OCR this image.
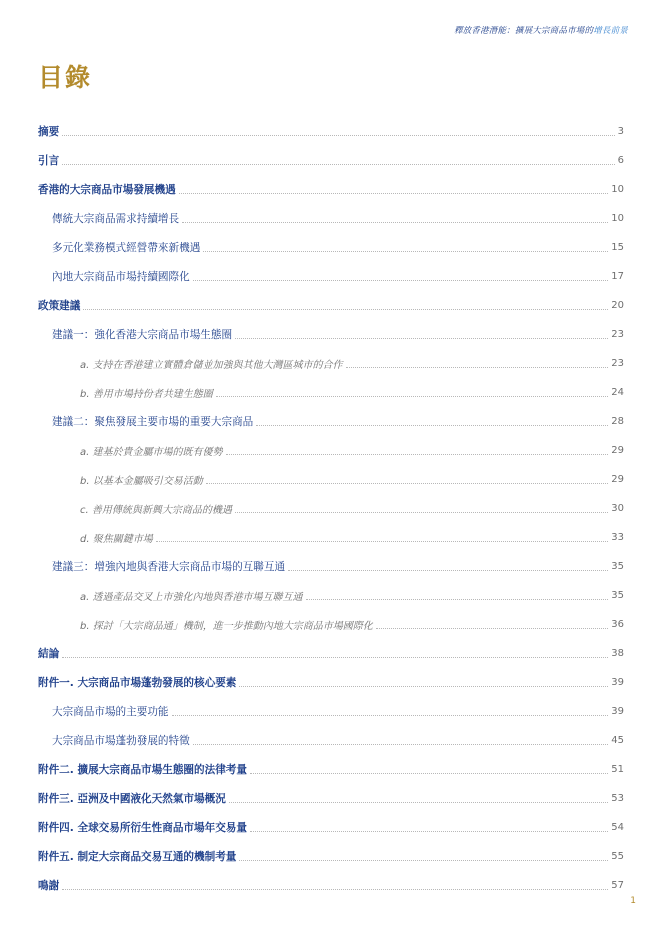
釋放香港潛能：擴展大宗商品市場的增長前景
目錄
摘要	3
引言	6
香港的大宗商品市場發展機遇	10
傳統大宗商品需求持續增長	10
多元化業務模式經營帶來新機遇	15
內地大宗商品市場持續國際化	17
政策建議	20
建議一：強化香港大宗商品市場生態圈	23
a. 支持在香港建立實體倉儲並加強與其他大灣區城市的合作	23
b. 善用市場持份者共建生態圈	24
建議二：聚焦發展主要市場的重要大宗商品	28
a. 建基於貴金屬市場的既有優勢	29
b. 以基本金屬吸引交易活動	29
c. 善用傳統與新興大宗商品的機遇	30
d. 聚焦關鍵市場	33
建議三：增強內地與香港大宗商品市場的互聯互通	35
a. 透過產品交叉上市強化內地與香港市場互聯互通	35
b. 探討「大宗商品通」機制，進一步推動內地大宗商品市場國際化	36
結論	38
附件一. 大宗商品市場蓬勃發展的核心要素	39
大宗商品市場的主要功能	39
大宗商品市場蓬勃發展的特徵	45
附件二. 擴展大宗商品市場生態圈的法律考量	51
附件三. 亞洲及中國液化天然氣市場概況	53
附件四. 全球交易所衍生性商品市場年交易量	54
附件五. 制定大宗商品交易互通的機制考量	55
鳴謝	57
1
